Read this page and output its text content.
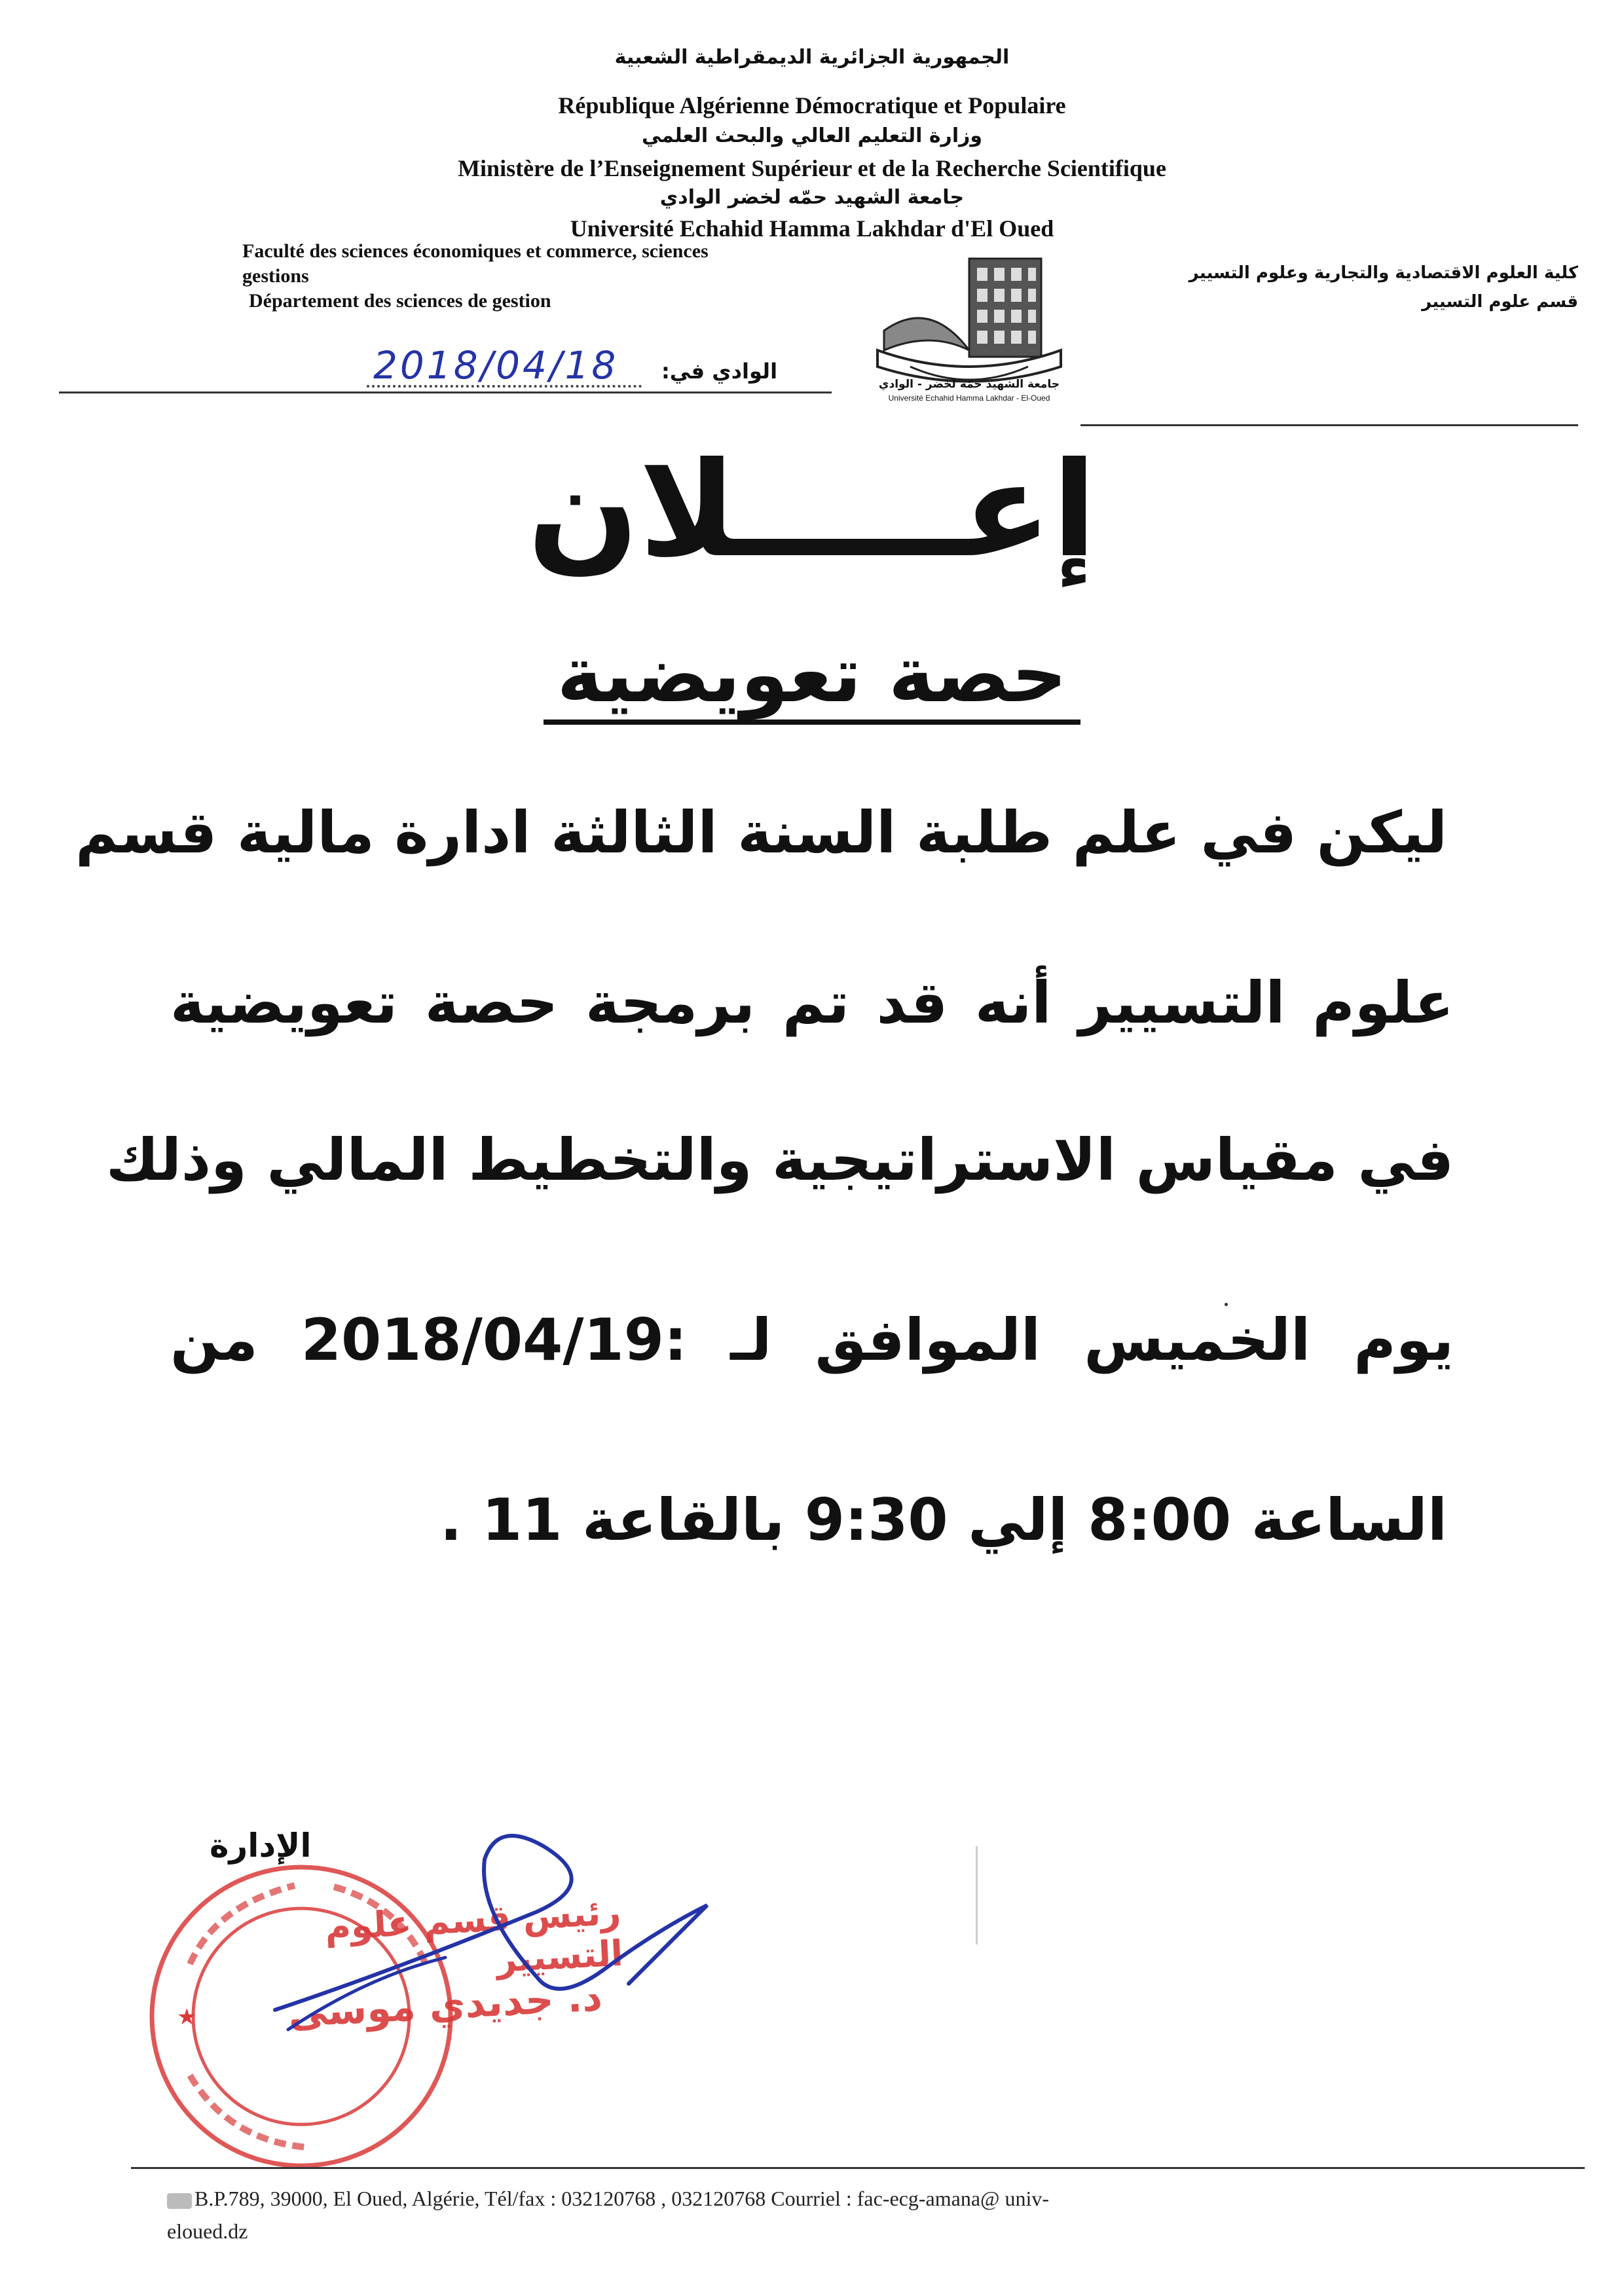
الجمهورية الجزائرية الديمقراطية الشعبية
République Algérienne Démocratique et Populaire
وزارة التعليم العالي والبحث العلمي
Ministère de l’Enseignement Supérieur et de la Recherche Scientifique
جامعة الشهيد حمّه لخضر الوادي
Université Echahid Hamma Lakhdar d'El Oued
Faculté des sciences économiques et commerce, sciences
gestions
Département des sciences de gestion
كلية العلوم الاقتصادية والتجارية وعلوم التسيير
قسم علوم التسيير
2018/04/18 الوادي في:
جامعة الشهيد حمّه لخضر - الوادي
Université Echahid Hamma Lakhdar - El-Oued
إعـــــلان
حصة تعويضية
ليكن في علم طلبة السنة الثالثة ادارة مالية قسم
علوم التسيير أنه قد تم برمجة حصة تعويضية
في مقياس الاستراتيجية والتخطيط المالي وذلك
يوم الخميس الموافق لـ :2018/04/19 من
الساعة 8:00 إلي 9:30 بالقاعة 11 .
الإدارة
★
رئيس قسم علوم التسيير
د. جديدي موسى
B.P.789, 39000, El Oued, Algérie, Tél/fax : 032120768 , 032120768 Courriel : fac-ecg-amana@ univ-
eloued.dz
